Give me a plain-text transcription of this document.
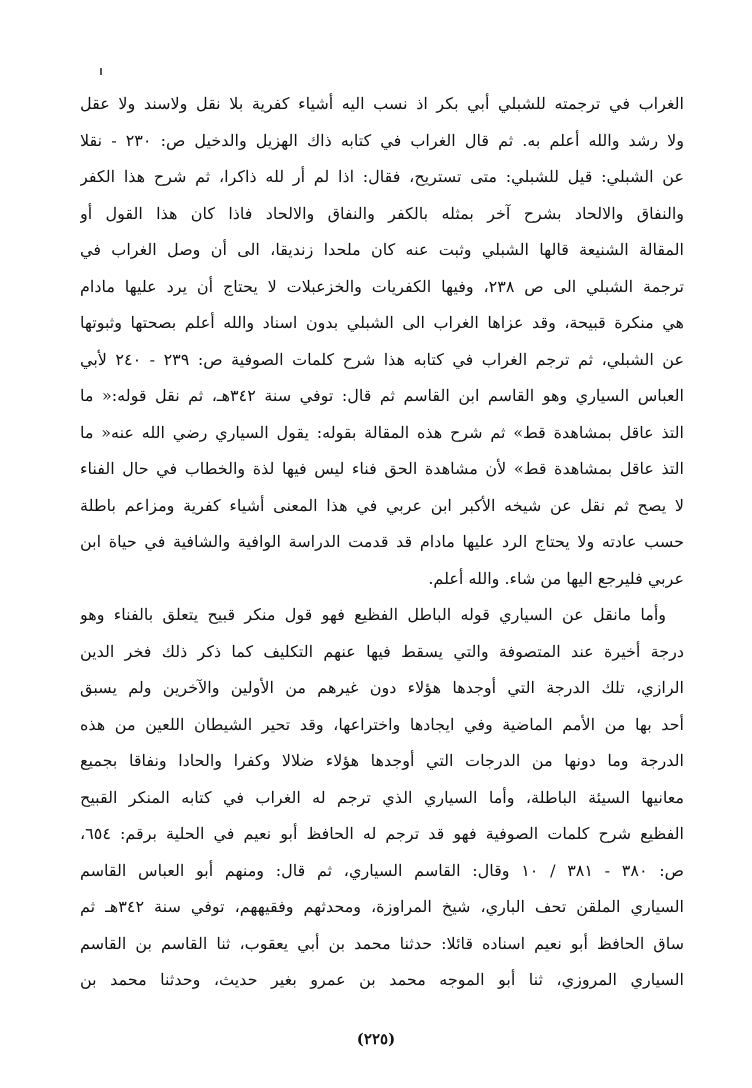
الغراب في ترجمته للشبلي أبي بكر اذ نسب اليه أشياء كفرية بلا نقل ولاسند ولا عقل
ولا رشد والله أعلم به. ثم قال الغراب في كتابه ذاك الهزيل والدخيل ص: ٢٣٠ - نقلا
عن الشبلي: قيل للشبلي: متى تستريح، فقال: اذا لم أر لله ذاكرا، ثم شرح هذا الكفر
والنفاق والالحاد بشرح آخر بمثله بالكفر والنفاق والالحاد فاذا كان هذا القول أو
المقالة الشنيعة قالها الشبلي وثبت عنه كان ملحدا زنديقا، الى أن وصل الغراب في
ترجمة الشبلي الى ص ٢٣٨، وفيها الكفريات والخزعبلات لا يحتاج أن يرد عليها مادام
هي منكرة قبيحة، وقد عزاها الغراب الى الشبلي بدون اسناد والله أعلم بصحتها وثبوتها
عن الشبلي، ثم ترجم الغراب في كتابه هذا شرح كلمات الصوفية ص: ٢٣٩ - ٢٤٠ لأبي
العباس السياري وهو القاسم ابن القاسم ثم قال: توفي سنة ٣٤٢هـ، ثم نقل قوله:« ما
التذ عاقل بمشاهدة قط» ثم شرح هذه المقالة بقوله: يقول السياري رضي الله عنه« ما
التذ عاقل بمشاهدة قط» لأن مشاهدة الحق فناء ليس فيها لذة والخطاب في حال الفناء
لا يصح ثم نقل عن شيخه الأكبر ابن عربي في هذا المعنى أشياء كفرية ومزاعم باطلة
حسب عادته ولا يحتاج الرد عليها مادام قد قدمت الدراسة الوافية والشافية في حياة ابن
عربي فليرجع اليها من شاء. والله أعلم.
وأما مانقل عن السياري قوله الباطل الفظيع فهو قول منكر قبيح يتعلق بالفناء وهو
درجة أخيرة عند المتصوفة والتي يسقط فيها عنهم التكليف كما ذكر ذلك فخر الدين
الرازي، تلك الدرجة التي أوجدها هؤلاء دون غيرهم من الأولين والآخرين ولم يسبق
أحد بها من الأمم الماضية وفي ايجادها واختراعها، وقد تحير الشيطان اللعين من هذه
الدرجة وما دونها من الدرجات التي أوجدها هؤلاء ضلالا وكفرا والحادا ونفاقا بجميع
معانيها السيئة الباطلة، وأما السياري الذي ترجم له الغراب في كتابه المنكر القبيح
الفظيع شرح كلمات الصوفية فهو قد ترجم له الحافظ أبو نعيم في الحلية برقم: ٦٥٤،
ص: ٣٨٠ - ٣٨١ / ١٠ وقال: القاسم السياري، ثم قال: ومنهم أبو العباس القاسم
السياري الملقن تحف الباري، شيخ المراوزة، ومحدثهم وفقيههم، توفي سنة ٣٤٢هـ ثم
ساق الحافظ أبو نعيم اسناده قائلا: حدثنا محمد بن أبي يعقوب، ثنا القاسم بن القاسم
السياري المروزي، ثنا أبو الموجه محمد بن عمرو بغير حديث، وحدثنا محمد بن
(٢٢٥)
